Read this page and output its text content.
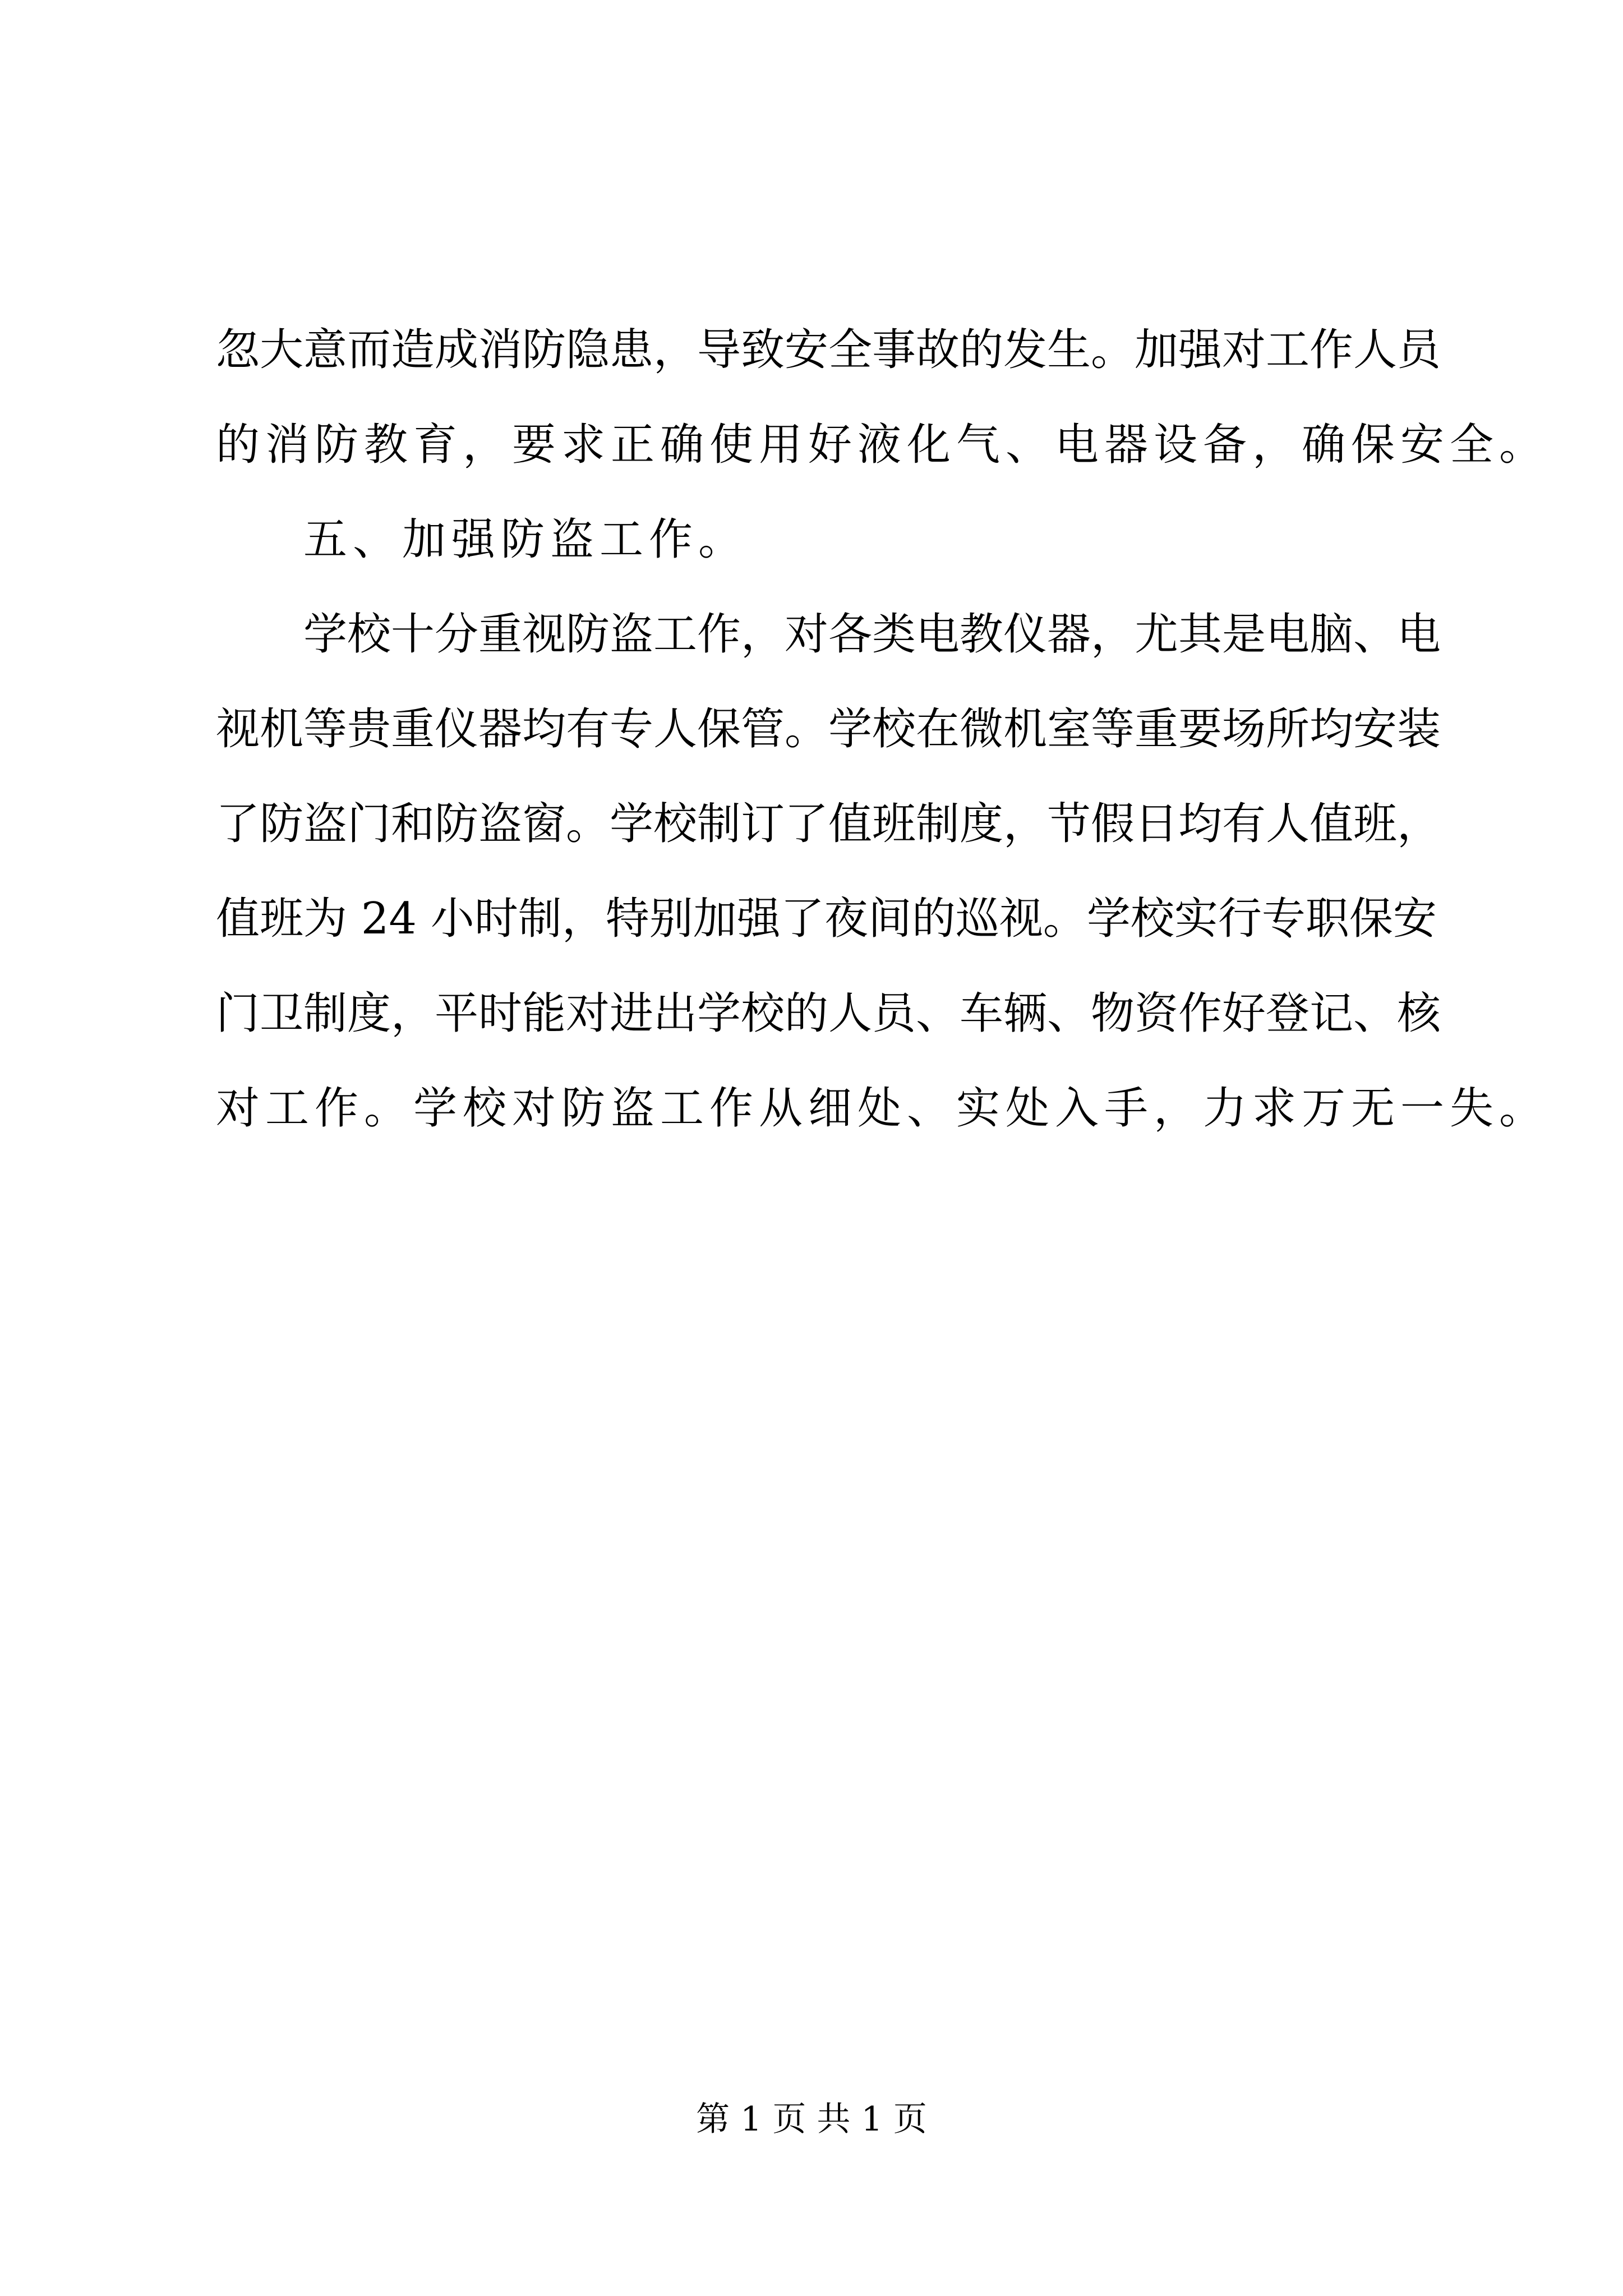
忽大意而造成消防隐患，导致安全事故的发生。加强对工作人员
的消防教育，要求正确使用好液化气、电器设备，确保安全。
五、加强防盗工作。
学校十分重视防盗工作，对各类电教仪器，尤其是电脑、电
视机等贵重仪器均有专人保管。学校在微机室等重要场所均安装
了防盗门和防盗窗。学校制订了值班制度，节假日均有人值班，
值班为 24 小时制，特别加强了夜间的巡视。学校实行专职保安
门卫制度，平时能对进出学校的人员、车辆、物资作好登记、核
对工作。学校对防盗工作从细处、实处入手，力求万无一失。
第 1 页 共 1 页
